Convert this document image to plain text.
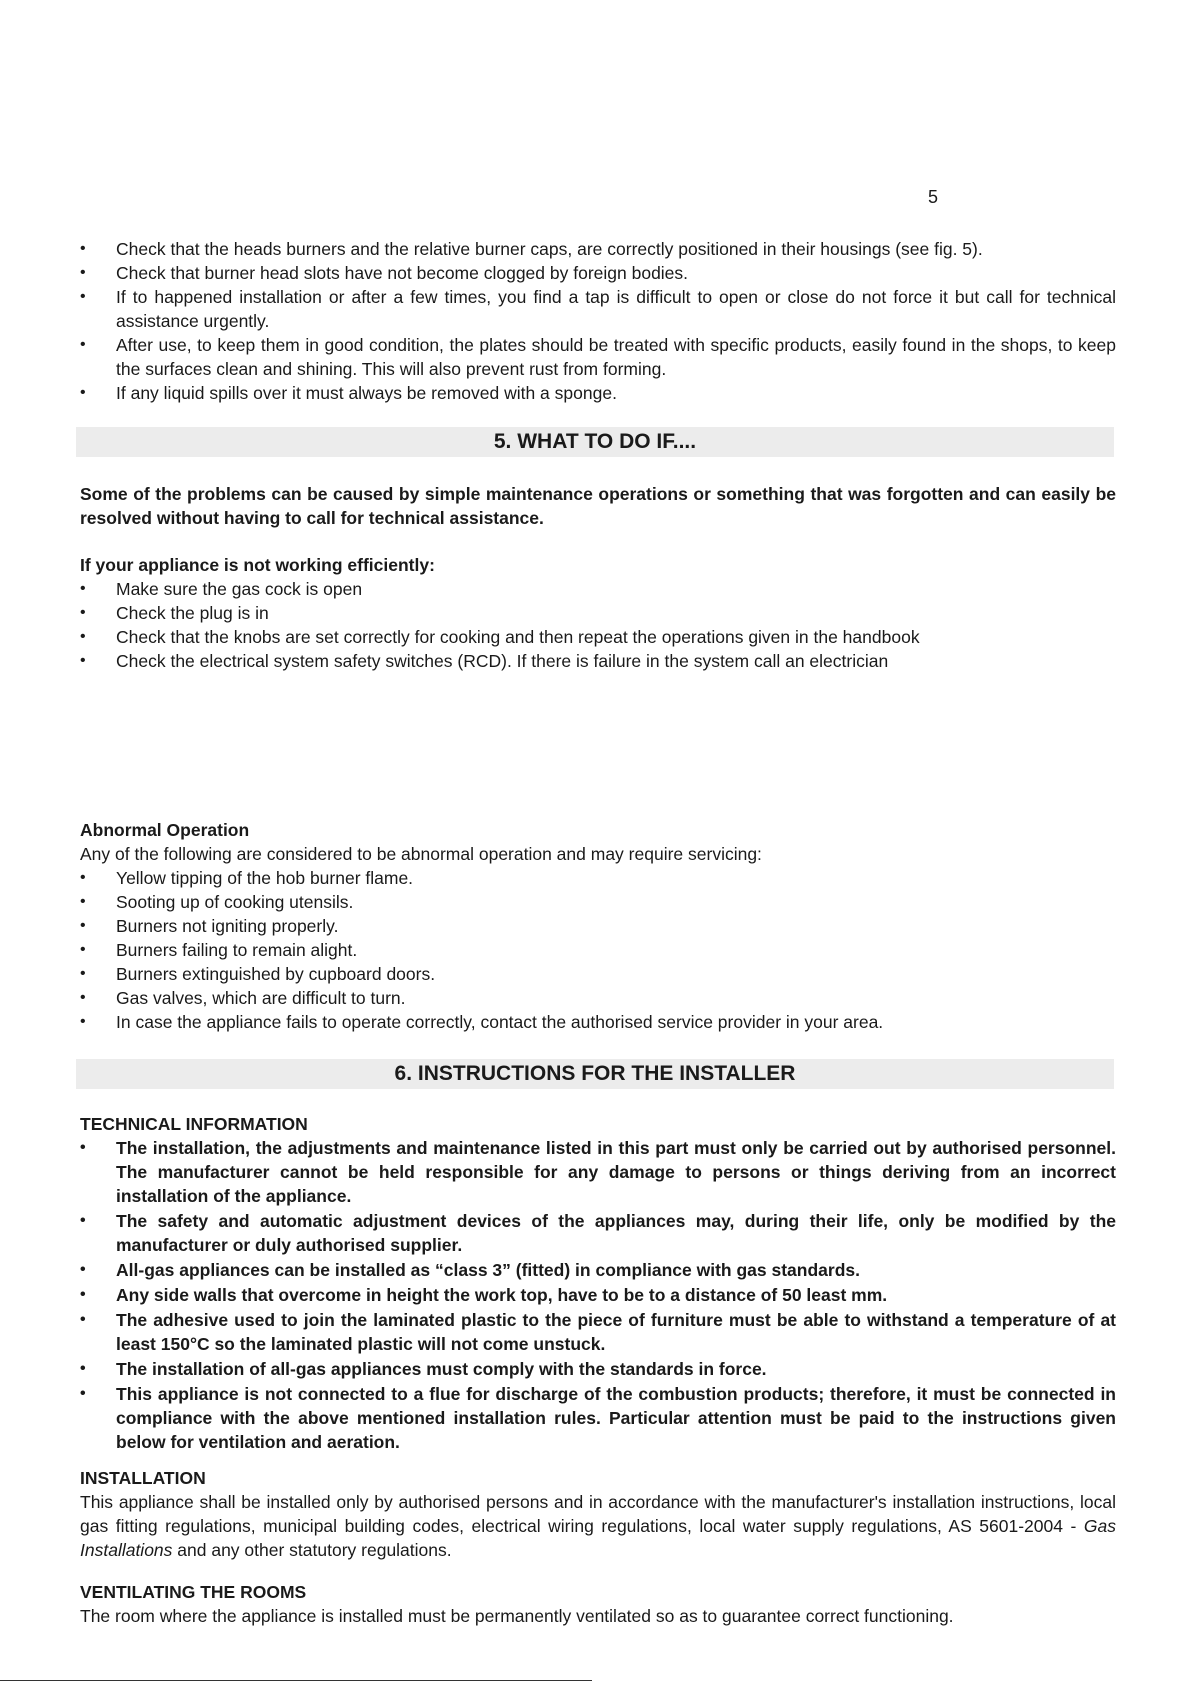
5
• Check that the heads burners and the relative burner caps, are correctly positioned in their housings (see fig. 5).
• Check that burner head slots have not become clogged by foreign bodies.
• If to happened installation or after a few times, you find a tap is difficult to open or close do not force it but call for technical assistance urgently.
• After use, to keep them in good condition, the plates should be treated with specific products, easily found in the shops, to keep the surfaces clean and shining. This will also prevent rust from forming.
• If any liquid spills over it must always be removed with a sponge.
5. WHAT TO DO IF....
Some of the problems can be caused by simple maintenance operations or something that was forgotten and can easily be resolved without having to call for technical assistance.
If your appliance is not working efficiently:
• Make sure the gas cock is open
• Check the plug is in
• Check that the knobs are set correctly for cooking and then repeat the operations given in the handbook
• Check the electrical system safety switches (RCD). If there is failure in the system call an electrician
Abnormal Operation
Any of the following are considered to be abnormal operation and may require servicing:
• Yellow tipping of the hob burner flame.
• Sooting up of cooking utensils.
• Burners not igniting properly.
• Burners failing to remain alight.
• Burners extinguished by cupboard doors.
• Gas valves, which are difficult to turn.
• In case the appliance fails to operate correctly, contact the authorised service provider in your area.
6. INSTRUCTIONS FOR THE INSTALLER
TECHNICAL INFORMATION
• The installation, the adjustments and maintenance listed in this part must only be carried out by authorised personnel. The manufacturer cannot be held responsible for any damage to persons or things deriving from an incorrect installation of the appliance.
• The safety and automatic adjustment devices of the appliances may, during their life, only be modified by the manufacturer or duly authorised supplier.
• All-gas appliances can be installed as “class 3” (fitted) in compliance with gas standards.
• Any side walls that overcome in height the work top, have to be to a distance of 50 least mm.
• The adhesive used to join the laminated plastic to the piece of furniture must be able to withstand a temperature of at least 150°C so the laminated plastic will not come unstuck.
• The installation of all-gas appliances must comply with the standards in force.
• This appliance is not connected to a flue for discharge of the combustion products; therefore, it must be connected in compliance with the above mentioned installation rules. Particular attention must be paid to the instructions given below for ventilation and aeration.
INSTALLATION
This appliance shall be installed only by authorised persons and in accordance with the manufacturer's installation instructions, local gas fitting regulations, municipal building codes, electrical wiring regulations, local water supply regulations, AS 5601-2004 - Gas Installations and any other statutory regulations.
VENTILATING THE ROOMS
The room where the appliance is installed must be permanently ventilated so as to guarantee correct functioning.
